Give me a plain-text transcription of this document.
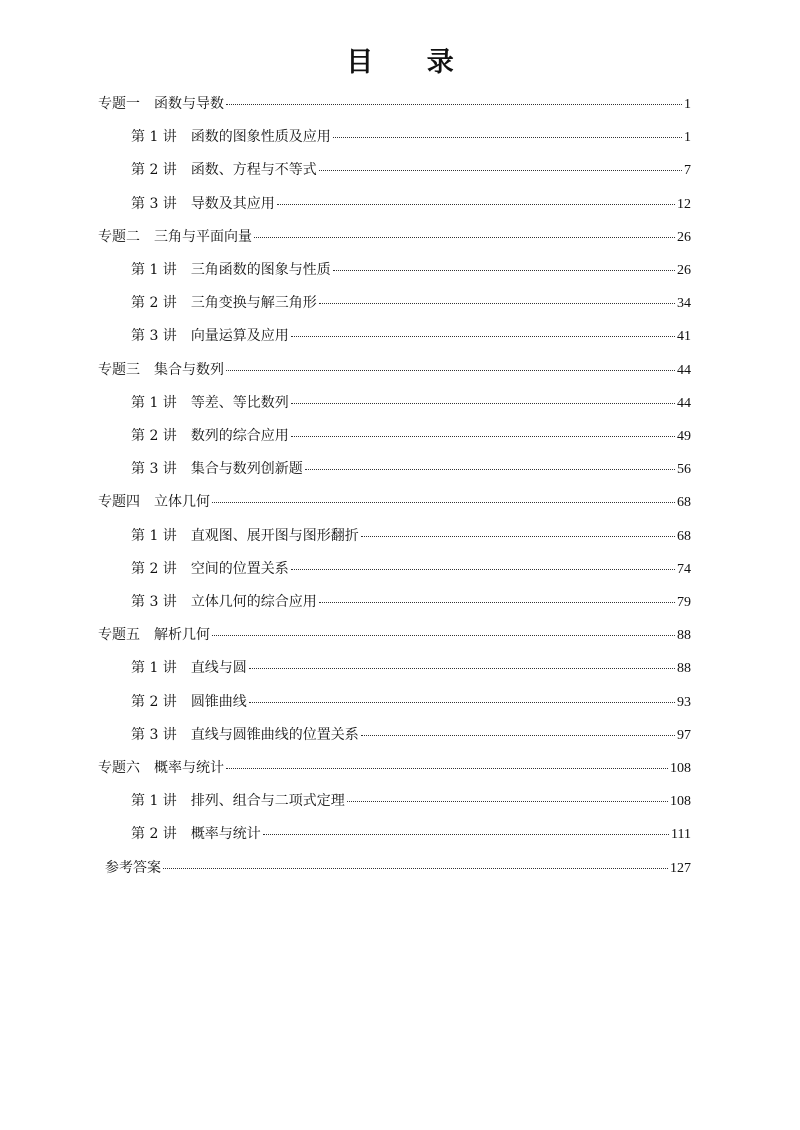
目 录
专题一 函数与导数	1
第 1 讲 函数的图象性质及应用	1
第 2 讲 函数、方程与不等式	7
第 3 讲 导数及其应用	12
专题二 三角与平面向量	26
第 1 讲 三角函数的图象与性质	26
第 2 讲 三角变换与解三角形	34
第 3 讲 向量运算及应用	41
专题三 集合与数列	44
第 1 讲 等差、等比数列	44
第 2 讲 数列的综合应用	49
第 3 讲 集合与数列创新题	56
专题四 立体几何	68
第 1 讲 直观图、展开图与图形翻折	68
第 2 讲 空间的位置关系	74
第 3 讲 立体几何的综合应用	79
专题五 解析几何	88
第 1 讲 直线与圆	88
第 2 讲 圆锥曲线	93
第 3 讲 直线与圆锥曲线的位置关系	97
专题六 概率与统计	108
第 1 讲 排列、组合与二项式定理	108
第 2 讲 概率与统计	111
参考答案	127
